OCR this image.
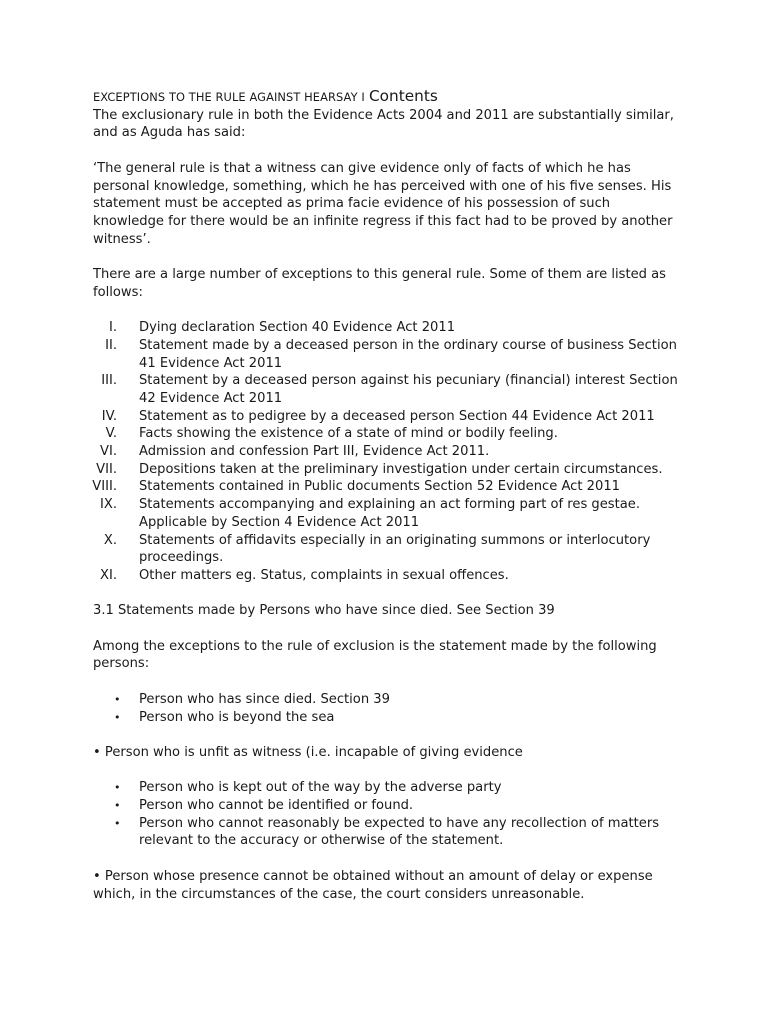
EXCEPTIONS TO THE RULE AGAINST HEARSAY I Contents

The exclusionary rule in both the Evidence Acts 2004 and 2011 are substantially similar, and as Aguda has said:

‘The general rule is that a witness can give evidence only of facts of which he has personal knowledge, something, which he has perceived with one of his five senses. His statement must be accepted as prima facie evidence of his possession of such knowledge for there would be an infinite regress if this fact had to be proved by another witness’.

There are a large number of exceptions to this general rule. Some of them are listed as follows:

I. Dying declaration Section 40 Evidence Act 2011
II. Statement made by a deceased person in the ordinary course of business Section 41 Evidence Act 2011
III. Statement by a deceased person against his pecuniary (financial) interest Section 42 Evidence Act 2011
IV. Statement as to pedigree by a deceased person Section 44 Evidence Act 2011
V. Facts showing the existence of a state of mind or bodily feeling.
VI. Admission and confession Part III, Evidence Act 2011.
VII. Depositions taken at the preliminary investigation under certain circumstances.
VIII. Statements contained in Public documents Section 52 Evidence Act 2011
IX. Statements accompanying and explaining an act forming part of res gestae. Applicable by Section 4 Evidence Act 2011
X. Statements of affidavits especially in an originating summons or interlocutory proceedings.
XI. Other matters eg. Status, complaints in sexual offences.

3.1 Statements made by Persons who have since died. See Section 39

Among the exceptions to the rule of exclusion is the statement made by the following persons:

• Person who has since died. Section 39
• Person who is beyond the sea

• Person who is unfit as witness (i.e. incapable of giving evidence

• Person who is kept out of the way by the adverse party
• Person who cannot be identified or found.
• Person who cannot reasonably be expected to have any recollection of matters relevant to the accuracy or otherwise of the statement.

• Person whose presence cannot be obtained without an amount of delay or expense which, in the circumstances of the case, the court considers unreasonable.
